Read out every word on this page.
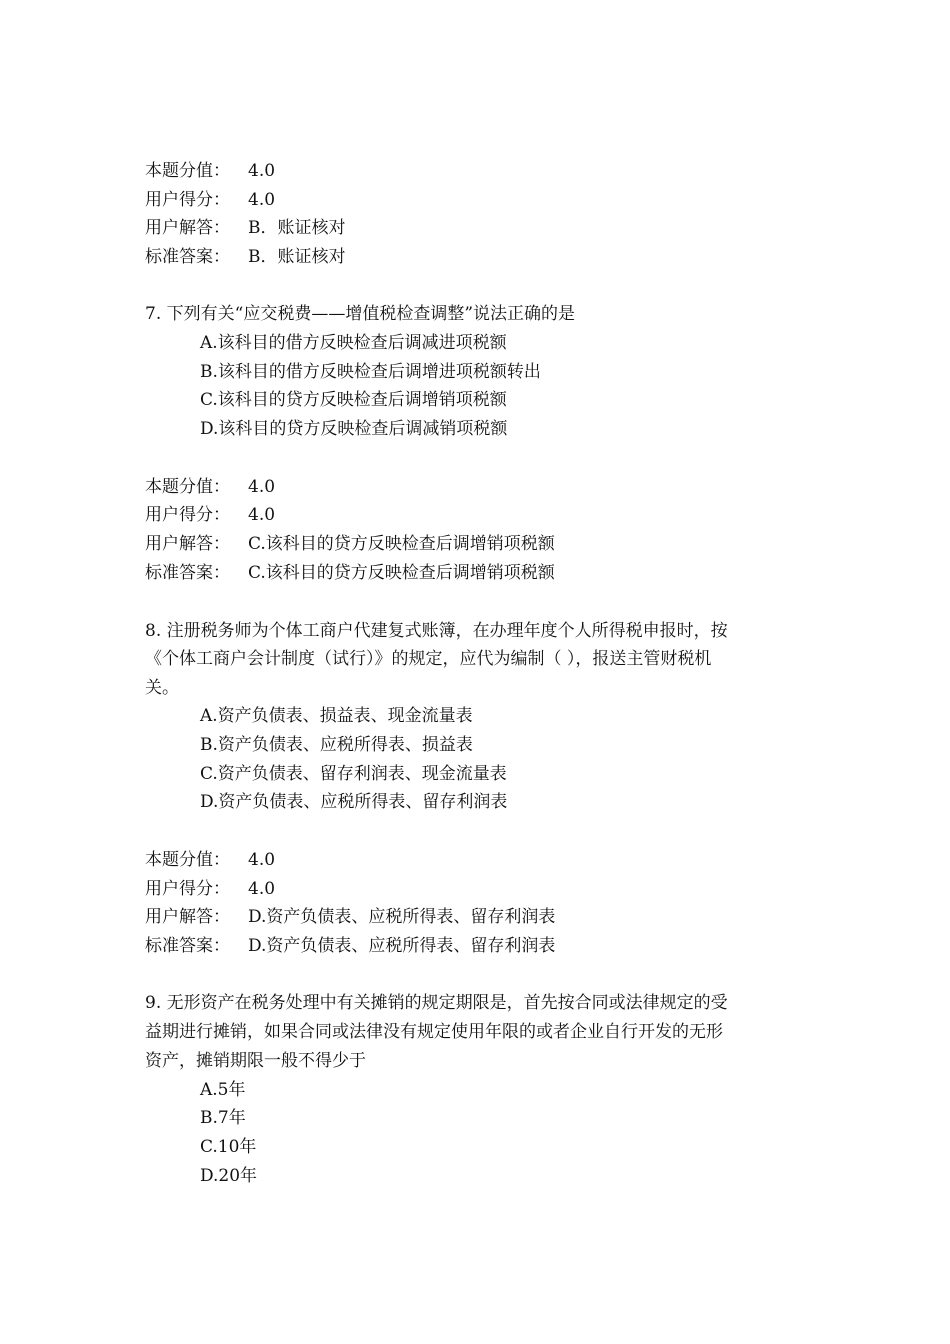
本题分值： 4.0
用户得分： 4.0
用户解答： B．账证核对
标准答案： B．账证核对
7. 下列有关“应交税费——增值税检查调整”说法正确的是
A.该科目的借方反映检查后调减进项税额
B.该科目的借方反映检查后调增进项税额转出
C.该科目的贷方反映检查后调增销项税额
D.该科目的贷方反映检查后调减销项税额
本题分值： 4.0
用户得分： 4.0
用户解答： C.该科目的贷方反映检查后调增销项税额
标准答案： C.该科目的贷方反映检查后调增销项税额
8. 注册税务师为个体工商户代建复式账簿，在办理年度个人所得税申报时，按
《个体工商户会计制度（试行）》的规定，应代为编制（ ），报送主管财税机
关。
A.资产负债表、损益表、现金流量表
B.资产负债表、应税所得表、损益表
C.资产负债表、留存利润表、现金流量表
D.资产负债表、应税所得表、留存利润表
本题分值： 4.0
用户得分： 4.0
用户解答： D.资产负债表、应税所得表、留存利润表
标准答案： D.资产负债表、应税所得表、留存利润表
9. 无形资产在税务处理中有关摊销的规定期限是，首先按合同或法律规定的受
益期进行摊销，如果合同或法律没有规定使用年限的或者企业自行开发的无形
资产，摊销期限一般不得少于
A.5年
B.7年
C.10年
D.20年
